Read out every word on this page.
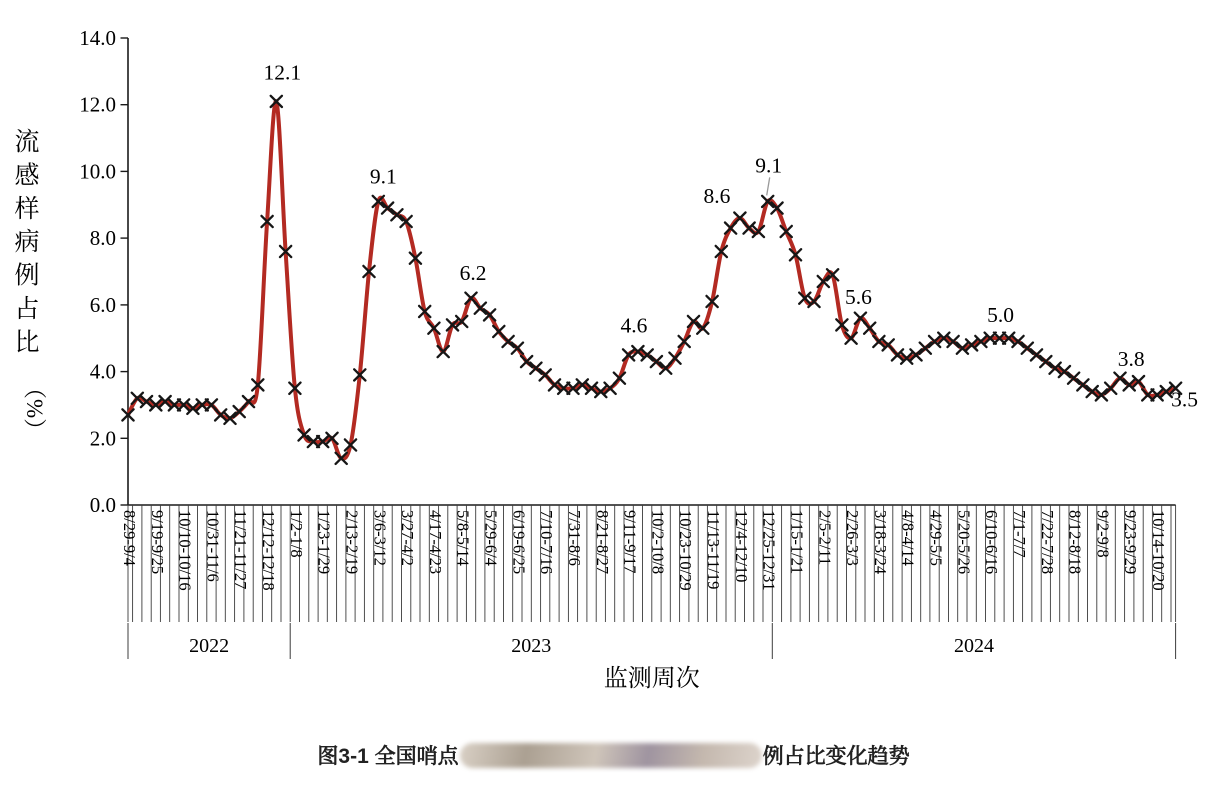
14.0
12.0
10.0
8.0
6.0
4.0
2.0
0.0
流
感
样
病
例
占
比
（%）
8/29-9/4 9/19-9/25 10/10-10/16 10/31-11/6 11/21-11/27 12/12-12/18 1/2-1/8 1/23-1/29 2/13-2/19 3/6-3/12 3/27-4/2 4/17-4/23 5/8-5/14 5/29-6/4 6/19-6/25 7/10-7/16 7/31-8/6 8/21-8/27 9/11-9/17 10/2-10/8 10/23-10/29 11/13-11/19 12/4-12/10 12/25-12/31 1/15-1/21 2/5-2/11 2/26-3/3 3/18-3/24 4/8-4/14 4/29-5/5 5/20-5/26 6/10-6/16 7/1-7/7 7/22-7/28 8/12-8/18 9/2-9/8 9/23-9/29 10/14-10/20
2022	2023	2024
监测周次
12.1
9.1
6.2
4.6
8.6
9.1
5.6
5.0
3.8
3.5
图3-1 全国哨点	例占比变化趋势
